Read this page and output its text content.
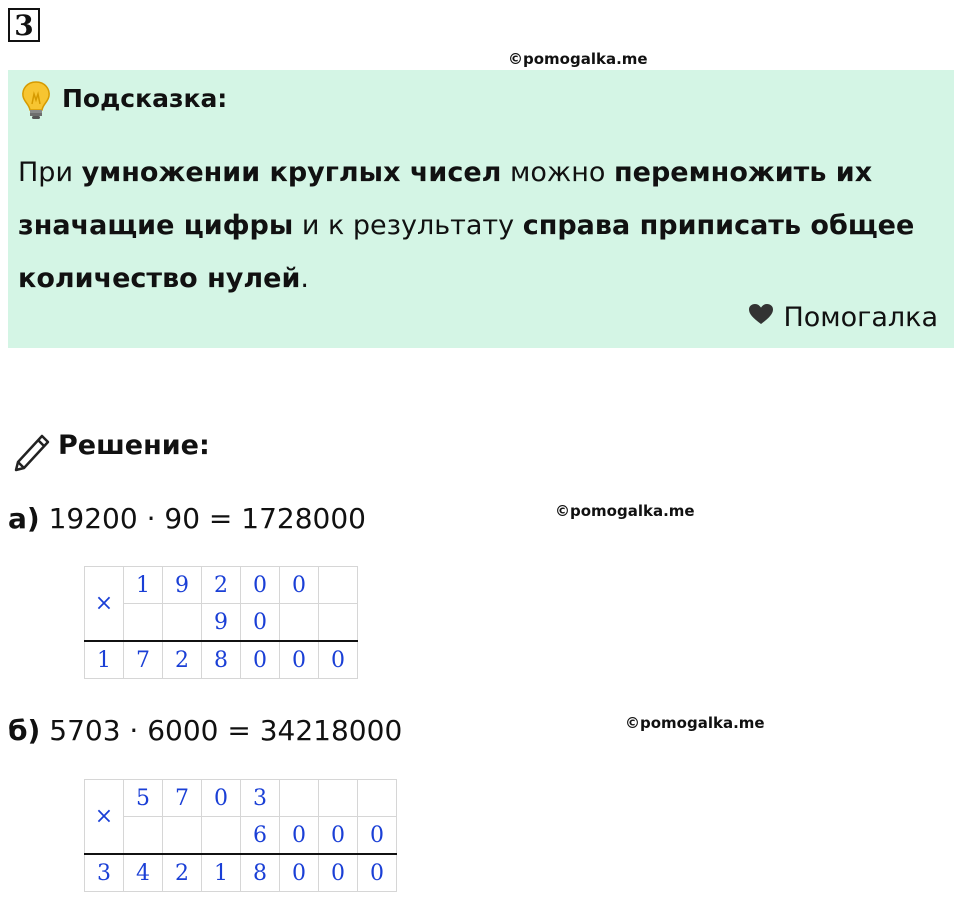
3
©pomogalka.me
Подсказка:
При умножении круглых чисел можно перемножить их значащие цифры и к результату справа приписать общее количество нулей.
Помогалка
Решение:
а) 19200 · 90 = 1728000	©pomogalka.me
×	1	9	2	0	0	
			9	0		
1	7	2	8	0	0	0
б) 5703 · 6000 = 34218000	©pomogalka.me
×	5	7	0	3			
				6	0	0	0
3	4	2	1	8	0	0	0
